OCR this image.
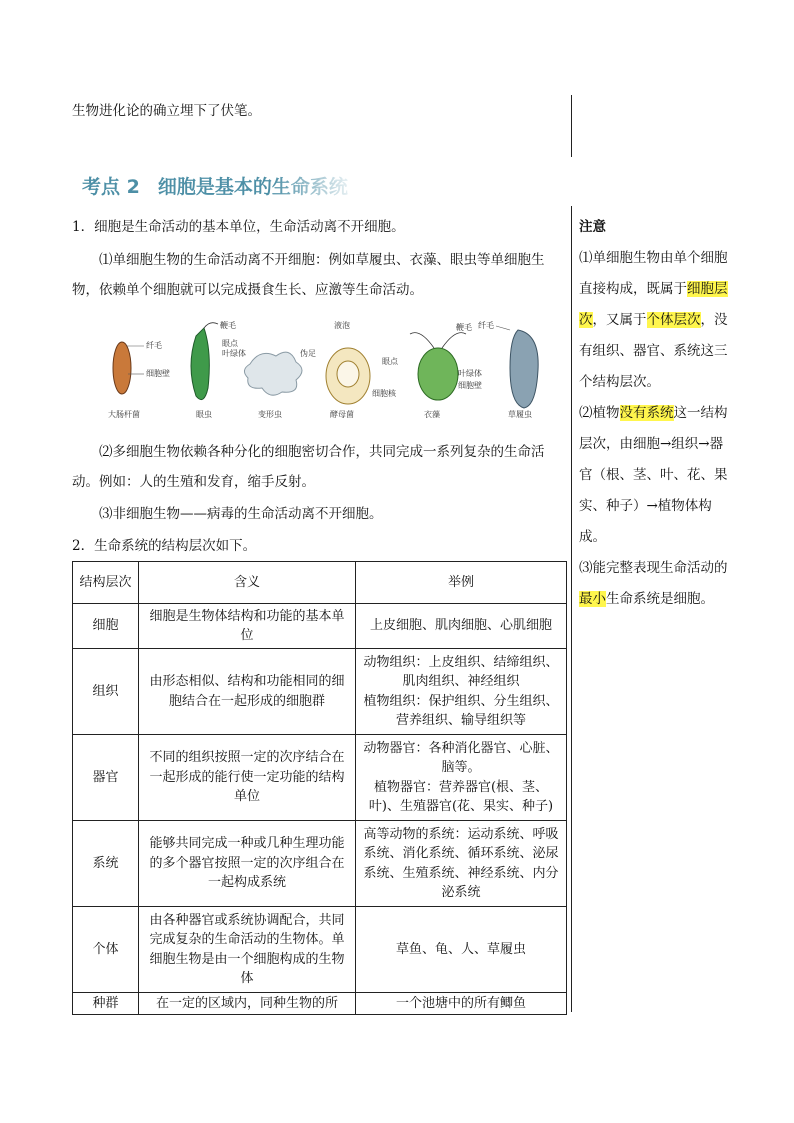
生物进化论的确立埋下了伏笔。

考点 2 细胞是基本的生命系统

1．细胞是生命活动的基本单位，生命活动离不开细胞。

⑴单细胞生物的生命活动离不开细胞：例如草履虫、衣藻、眼虫等单细胞生物，依赖单个细胞就可以完成摄食生长、应激等生命活动。

纤毛
细胞壁
大肠杆菌
鞭毛
眼点
叶绿体
眼虫
伪足
变形虫
液泡
细胞核
酵母菌
眼点
鞭毛
叶绿体
细胞壁
衣藻
纤毛
草履虫

⑵多细胞生物依赖各种分化的细胞密切合作，共同完成一系列复杂的生命活动。例如：人的生殖和发育，缩手反射。

⑶非细胞生物——病毒的生命活动离不开细胞。

2．生命系统的结构层次如下。

结构层次	含义	举例
细胞	细胞是生物体结构和功能的基本单位	上皮细胞、肌肉细胞、心肌细胞
组织	由形态相似、结构和功能相同的细胞结合在一起形成的细胞群	动物组织：上皮组织、结缔组织、肌肉组织、神经组织
植物组织：保护组织、分生组织、营养组织、输导组织等
器官	不同的组织按照一定的次序结合在一起形成的能行使一定功能的结构单位	动物器官：各种消化器官、心脏、脑等。
植物器官：营养器官(根、茎、叶)、生殖器官(花、果实、种子)
系统	能够共同完成一种或几种生理功能的多个器官按照一定的次序组合在一起构成系统	高等动物的系统：运动系统、呼吸系统、消化系统、循环系统、泌尿系统、生殖系统、神经系统、内分泌系统
个体	由各种器官或系统协调配合，共同完成复杂的生命活动的生物体。单细胞生物是由一个细胞构成的生物体	草鱼、龟、人、草履虫
种群	在一定的区域内，同种生物的所	一个池塘中的所有鲫鱼
注意
⑴单细胞生物由单个细胞直接构成，既属于细胞层次，又属于个体层次，没有组织、器官、系统这三个结构层次。
⑵植物没有系统这一结构层次，由细胞→组织→器官（根、茎、叶、花、果实、种子）→植物体构成。
⑶能完整表现生命活动的最小生命系统是细胞。
